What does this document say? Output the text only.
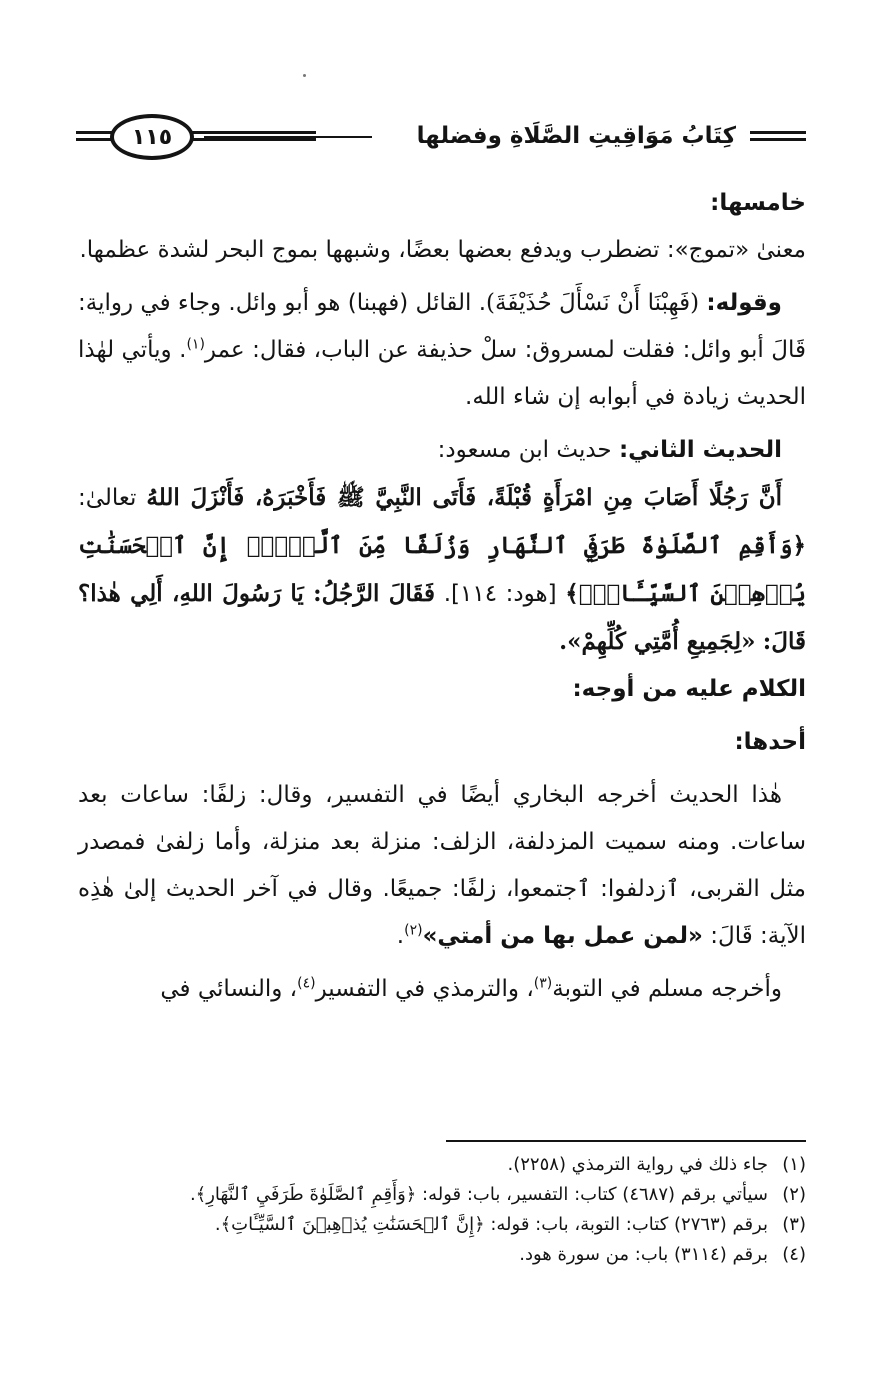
كِتَابُ مَوَاقِيتِ الصَّلَاةِ وفضلها
١١٥

خامسها:

معنىٰ «تموج»: تضطرب ويدفع بعضها بعضًا، وشبهها بموج البحر لشدة عظمها.

وقوله: (فَهِبْنَا أَنْ نَسْأَلَ حُذَيْفَةَ). القائل (فهبنا) هو أبو وائل. وجاء في رواية: قَالَ أبو وائل: فقلت لمسروق: سلْ حذيفة عن الباب، فقال: عمر$^{(١)}$. ويأتي لهٰذا الحديث زيادة في أبوابه إن شاء الله.

الحديث الثاني: حديث ابن مسعود:

أَنَّ رَجُلًا أَصَابَ مِنِ امْرَأَةٍ قُبْلَةً، فَأَتَى النَّبِيَّ ﷺ فَأَخْبَرَهُ، فَأَنْزَلَ اللهُ تعالىٰ: ﴿وَأَقِمِ ٱلصَّلَوٰةَ طَرَفَيِ ٱلنَّهَارِ وَزُلَفًا مِّنَ ٱلَّيۡلِۚ إِنَّ ٱلۡحَسَنَٰتِ يُذۡهِبۡنَ ٱلسَّيِّـَٔاتِۚ﴾ [هود: ١١٤]. فَقَالَ الرَّجُلُ: يَا رَسُولَ اللهِ، أَلِي هٰذا؟ قَالَ: «لِجَمِيعِ أُمَّتِي كُلِّهِمْ».

الكلام عليه من أوجه:

أحدها:

هٰذا الحديث أخرجه البخاري أيضًا في التفسير، وقال: زلفًا: ساعات بعد ساعات. ومنه سميت المزدلفة، الزلف: منزلة بعد منزلة، وأما زلفىٰ فمصدر مثل القربى، ٱزدلفوا: ٱجتمعوا، زلفًا: جميعًا. وقال في آخر الحديث إلىٰ هٰذِه الآية: قَالَ: «لمن عمل بها من أمتي»$^{(٢)}$.

وأخرجه مسلم في التوبة$^{(٣)}$، والترمذي في التفسير$^{(٤)}$، والنسائي في

(١)جاء ذلك في رواية الترمذي (٢٢٥٨).
(٢)سيأتي برقم (٤٦٨٧) كتاب: التفسير، باب: قوله: ﴿وَأَقِمِ ٱلصَّلَوٰةَ طَرَفَيِ ٱلنَّهَارِ﴾.
(٣)برقم (٢٧٦٣) كتاب: التوبة، باب: قوله: ﴿إِنَّ ٱلۡحَسَنَٰتِ يُذۡهِبۡنَ ٱلسَّيِّـَٔاتِ﴾.
(٤)برقم (٣١١٤) باب: من سورة هود.
